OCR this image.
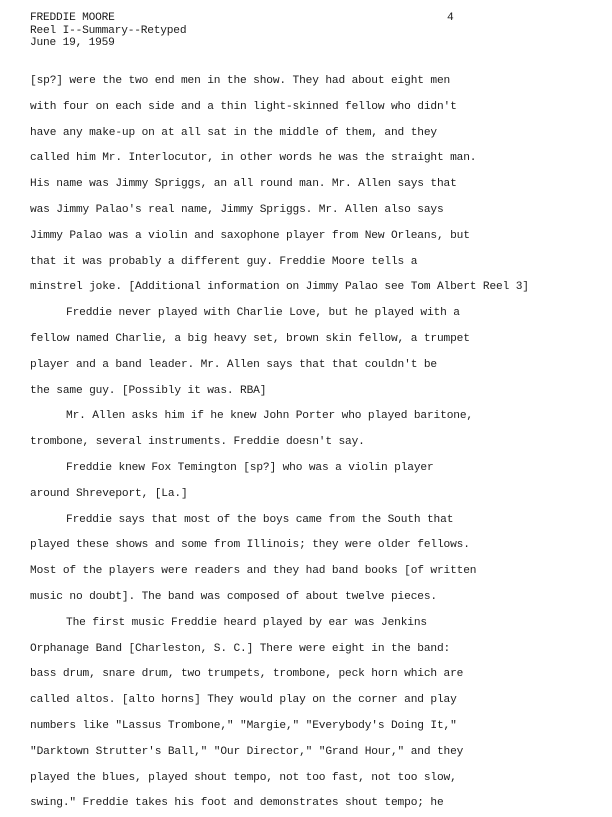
FREDDIE MOORE
Reel I--Summary--Retyped
June 19, 1959
4
[sp?] were the two end men in the show. They had about eight men
with four on each side and a thin light-skinned fellow who didn't
have any make-up on at all sat in the middle of them, and they
called him Mr. Interlocutor, in other words he was the straight man.
His name was Jimmy Spriggs, an all round man. Mr. Allen says that
was Jimmy Palao's real name, Jimmy Spriggs. Mr. Allen also says
Jimmy Palao was a violin and saxophone player from New Orleans, but
that it was probably a different guy. Freddie Moore tells a
minstrel joke. [Additional information on Jimmy Palao see Tom Albert Reel 3]
Freddie never played with Charlie Love, but he played with a
fellow named Charlie, a big heavy set, brown skin fellow, a trumpet
player and a band leader. Mr. Allen says that that couldn't be
the same guy. [Possibly it was. RBA]
Mr. Allen asks him if he knew John Porter who played baritone,
trombone, several instruments. Freddie doesn't say.
Freddie knew Fox Temington [sp?] who was a violin player
around Shreveport, [La.]
Freddie says that most of the boys came from the South that
played these shows and some from Illinois; they were older fellows.
Most of the players were readers and they had band books [of written
music no doubt]. The band was composed of about twelve pieces.
The first music Freddie heard played by ear was Jenkins
Orphanage Band [Charleston, S. C.] There were eight in the band:
bass drum, snare drum, two trumpets, trombone, peck horn which are
called altos. [alto horns] They would play on the corner and play
numbers like "Lassus Trombone," "Margie," "Everybody's Doing It,"
"Darktown Strutter's Ball," "Our Director," "Grand Hour," and they
played the blues, played shout tempo, not too fast, not too slow,
swing." Freddie takes his foot and demonstrates shout tempo; he
